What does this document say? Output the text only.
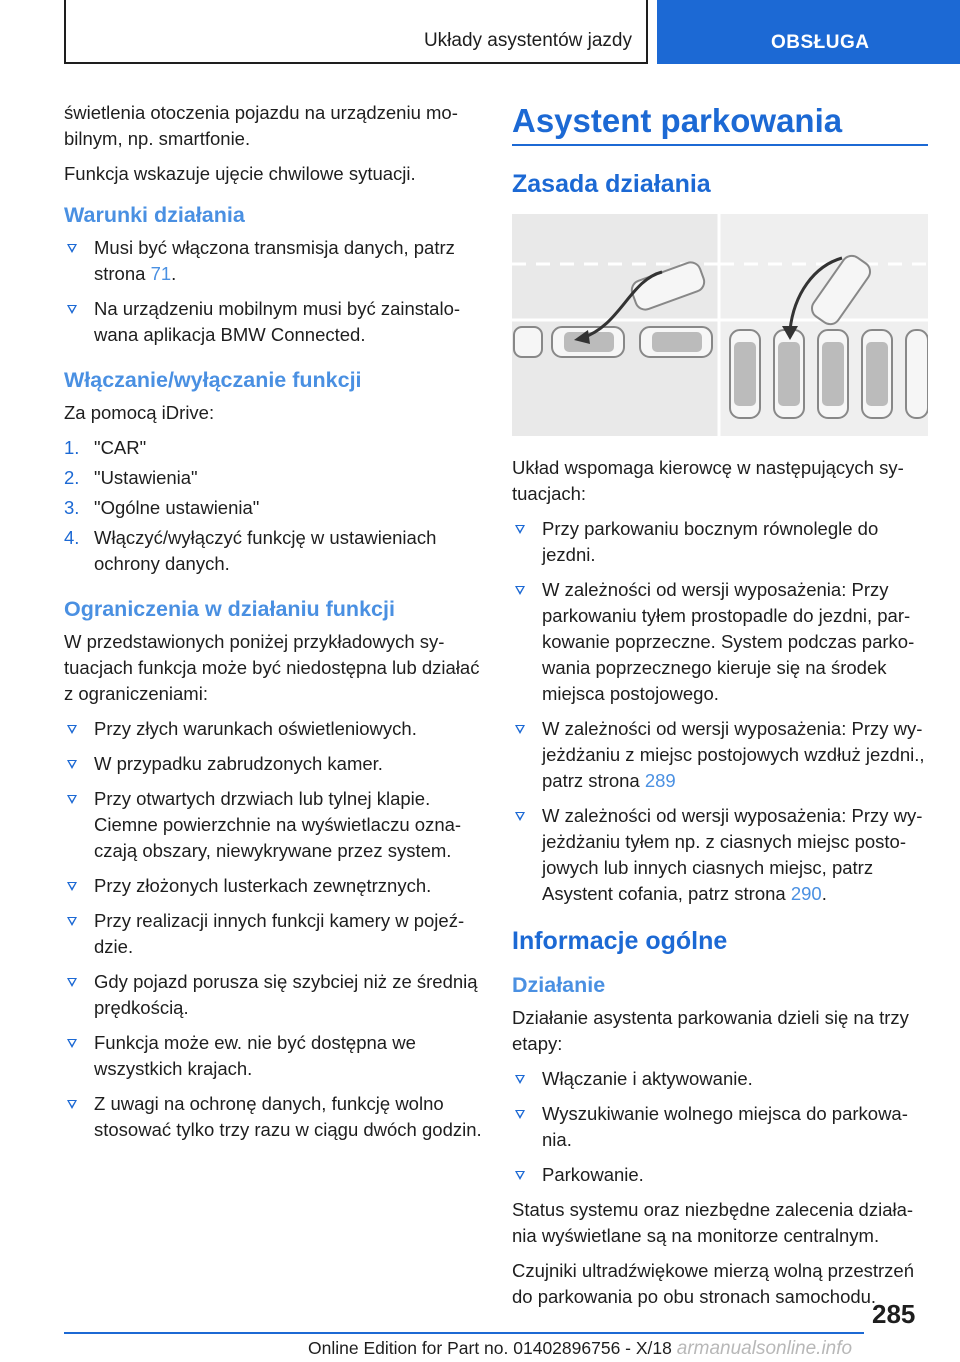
Układy asystentów jazdy	OBSŁUGA

świetlenia otoczenia pojazdu na urządzeniu mobilnym, np. smartfonie.

Funkcja wskazuje ujęcie chwilowe sytuacji.

Warunki działania
Musi być włączona transmisja danych, patrz strona 71.
Na urządzeniu mobilnym musi być zainstalowana aplikacja BMW Connected.
Włączanie/wyłączanie funkcji

Za pomocą iDrive:

1. "CAR"
2. "Ustawienia"
3. "Ogólne ustawienia"
4. Włączyć/wyłączyć funkcję w ustawieniach ochrony danych.
Ograniczenia w działaniu funkcji

W przedstawionych poniżej przykładowych sytuacjach funkcja może być niedostępna lub działać z ograniczeniami:

Przy złych warunkach oświetleniowych.
W przypadku zabrudzonych kamer.
Przy otwartych drzwiach lub tylnej klapie. Ciemne powierzchnie na wyświetlaczu oznaczają obszary, niewykrywane przez system.
Przy złożonych lusterkach zewnętrznych.
Przy realizacji innych funkcji kamery w pojeździe.
Gdy pojazd porusza się szybciej niż ze średnią prędkością.
Funkcja może ew. nie być dostępna we wszystkich krajach.
Z uwagi na ochronę danych, funkcję wolno stosować tylko trzy razu w ciągu dwóch godzin.
Asystent parkowania
Zasada działania

Układ wspomaga kierowcę w następujących sytuacjach:

Przy parkowaniu bocznym równolegle do jezdni.
W zależności od wersji wyposażenia: Przy parkowaniu tyłem prostopadle do jezdni, parkowanie poprzeczne. System podczas parkowania poprzecznego kieruje się na środek miejsca postojowego.
W zależności od wersji wyposażenia: Przy wyjeżdżaniu z miejsc postojowych wzdłuż jezdni., patrz strona 289
W zależności od wersji wyposażenia: Przy wyjeżdżaniu tyłem np. z ciasnych miejsc postojowych lub innych ciasnych miejsc, patrz Asystent cofania, patrz strona 290.
Informacje ogólne
Działanie

Działanie asystenta parkowania dzieli się na trzy etapy:

Włączanie i aktywowanie.
Wyszukiwanie wolnego miejsca do parkowania.
Parkowanie.

Status systemu oraz niezbędne zalecenia działania wyświetlane są na monitorze centralnym.

Czujniki ultradźwiękowe mierzą wolną przestrzeń do parkowania po obu stronach samochodu.

285
Online Edition for Part no. 01402896756 - X/18 armanualsonline.info
